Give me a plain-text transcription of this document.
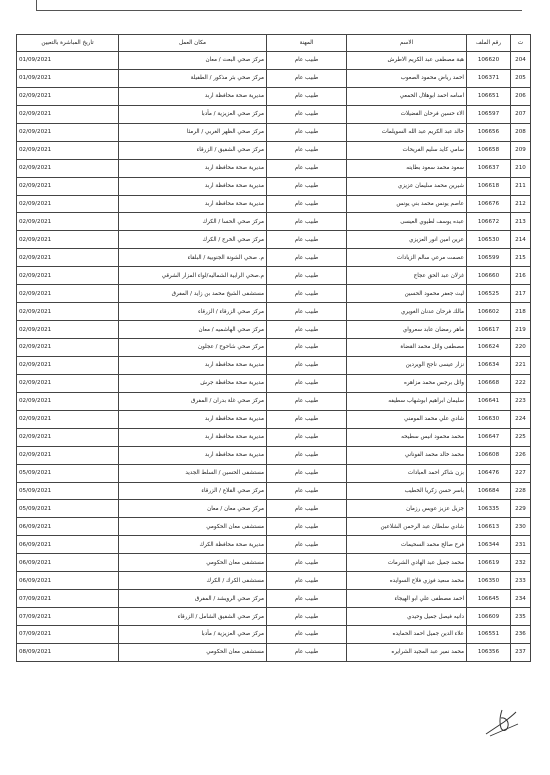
ت	رقم الملف	الاسم	المهنة	مكان العمل	تاريخ المباشرة بالتعيين
204	106620	هبة مصطفى عبد الكريم الاطرش	طبيب عام	مركز صحي البعث / معان	01/09/2021
205	106371	احمد رياض محمود الصعوب	طبيب عام	مركز صحي بئر مذكور / الطفيلة	01/09/2021
206	106651	اسامه احمد ابوهلال الخمعي	طبيب عام	مديرية صحة محافظة اربد	02/09/2021
207	106597	الاء حسين فرحان الفضيلات	طبيب عام	مركز صحي العزيزية / مأدبا	02/09/2021
208	106656	خالد عبد الكريم عبد الله السويلمات	طبيب عام	مركز صحي الظهر الغربي / الرمثا	02/09/2021
209	106658	سامي كايد سليم الفريحات	طبيب عام	مركز صحي الشفيق / الزرقاء	02/09/2021
210	106637	سعود محمد سعود بطاينه	طبيب عام	مديرية صحة محافظة اربد	02/09/2021
211	106618	شيرين محمد سليمان عزيزي	طبيب عام	مديرية صحة محافظة اربد	02/09/2021
212	106676	عاصم يونس محمد بني يونس	طبيب عام	مديرية صحة محافظة اربد	02/09/2021
213	106672	عبده يوسف لطيوي العيسى	طبيب عام	مركز صحي الحسا / الكرك	02/09/2021
214	106530	عرين امين انور العزيزي	طبيب عام	مركز صحي الخرج / الكرك	02/09/2021
215	106599	عصمت مرعي سالم الزيادات	طبيب عام	م. صحي الشونة الجنوبية / البلقاء	02/09/2021
216	106660	غزلان عبد الحق عجاج	طبيب عام	م.صحي الرابية الشماليه/لواء المزار الشرقي	02/09/2021
217	106525	ليث جعفر محمود الحسين	طبيب عام	مستشفى الشيخ محمد بن زايد / المفرق	02/09/2021
218	106602	مالك فرحان عدنان الغويري	طبيب عام	مركز صحي الزرقاء / الزرقاء	02/09/2021
219	106617	ماهر رمضان عابد سعرواي	طبيب عام	مركز صحي الهاشميه / معان	02/09/2021
220	106624	مصطفى وائل محمد القضاة	طبيب عام	مركز صحي شاحوح / عجلون	02/09/2021
221	106634	نزار عيسى ناجح الويردين	طبيب عام	مديرية صحة محافظة اربد	02/09/2021
222	106668	وائل برجس محمد مزاهره	طبيب عام	مديرية صحة محافظة جرش	02/09/2021
223	106641	سليمان ابراهيم ابوشهاب سطيفه	طبيب عام	مركز صحي غلة بدران / المفرق	02/09/2021
224	106630	شادي علي محمد المومني	طبيب عام	مديرية صحة محافظة اربد	02/09/2021
225	106647	محمد محمود انيس سطيحه	طبيب عام	مديرية صحة محافظة اربد	02/09/2021
226	106608	محمد خالد محمد الفوناني	طبيب عام	مديرية صحة محافظة اربد	02/09/2021
227	106476	بزن شاكر احمد العبادات	طبيب عام	مستشفى الحسين / السلط الجديد	05/09/2021
228	106684	باسر حسن زكريا الخطيب	طبيب عام	مركز صحي القلاع / الزرقاء	05/09/2021
229	106335	جزيل عزيز عويس رزمان	طبيب عام	مركز صحي معان / معان	05/09/2021
230	106613	شادي سلطان عبد الرحمن الشلاعين	طبيب عام	مستشفى معان الحكومي	06/09/2021
231	106344	فرح صالح محمد السحيمات	طبيب عام	مديرية صحة محافظة الكرك	06/09/2021
232	106619	محمد جميل عبد الهادي الشرمات	طبيب عام	مستشفى معان الحكومي	06/09/2021
233	106350	محمد سعيد فوزي فلاح السوايده	طبيب عام	مستشفى الكرك / الكرك	06/09/2021
234	106645	احمد مصطفى علي ابو الهيجاء	طبيب عام	مركز صحي الرويشد / المفرق	07/09/2021
235	106609	دانيه فيصل جميل وحيدي	طبيب عام	مركز صحي الشفيق الشامل / الزرقاء	07/09/2021
236	106551	علاء الدين جميل احمد الحمايده	طبيب عام	مركز صحي العزيزية / مأدبا	07/09/2021
237	106356	محمد نمير عبد المجيد الشرايره	طبيب عام	مستشفى معان الحكومي	08/09/2021
